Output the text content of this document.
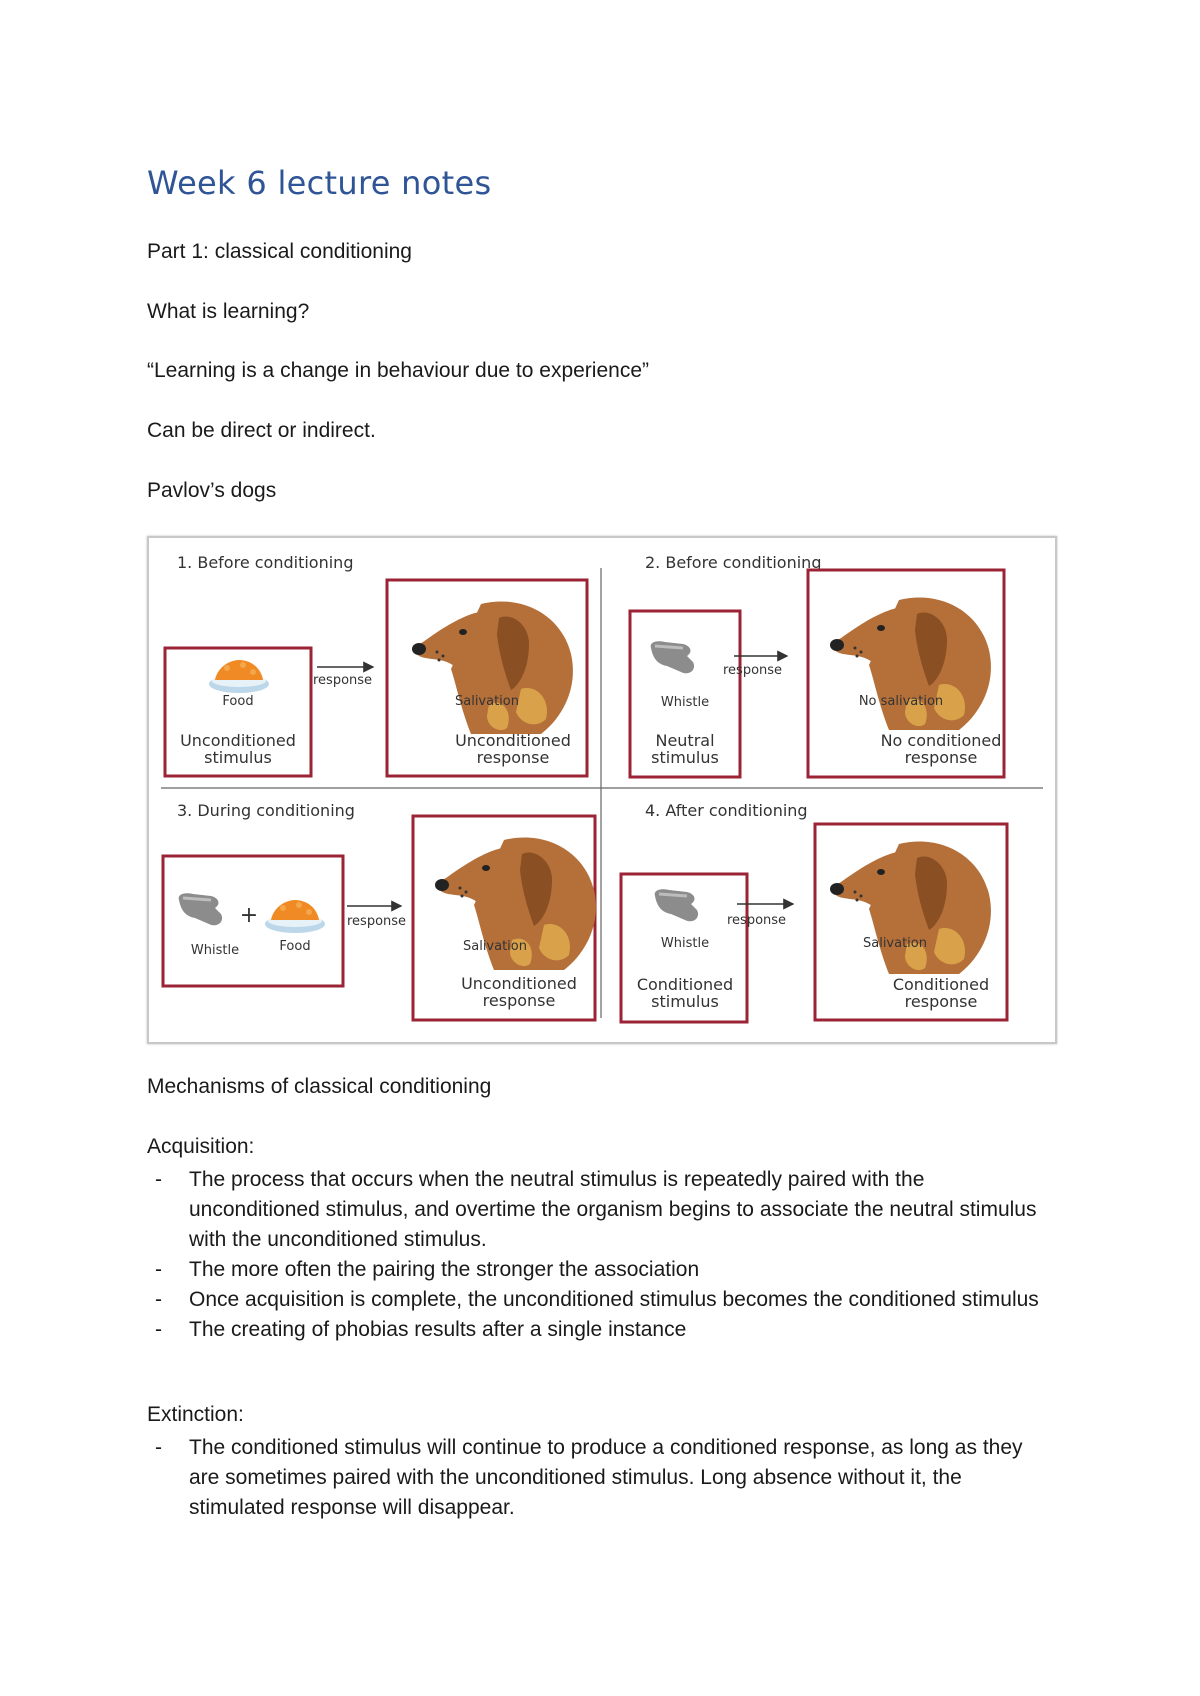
Week 6 lecture notes

Part 1: classical conditioning

What is learning?

“Learning is a change in behaviour due to experience”

Can be direct or indirect.

Pavlov’s dogs

1. Before conditioning
Food
Unconditioned
stimulus
response
Salivation
Unconditioned
response
2. Before conditioning
Whistle
Neutral
stimulus
response
No salivation
No conditioned
response
3. During conditioning
+
Whistle	Food
response
Salivation
Unconditioned
response
4. After conditioning
Whistle
Conditioned
stimulus
response
Salivation
Conditioned
response

Mechanisms of classical conditioning

Acquisition:

- The process that occurs when the neutral stimulus is repeatedly paired with the unconditioned stimulus, and overtime the organism begins to associate the neutral stimulus with the unconditioned stimulus.
- The more often the pairing the stronger the association
- Once acquisition is complete, the unconditioned stimulus becomes the conditioned stimulus
- The creating of phobias results after a single instance

Extinction:

- The conditioned stimulus will continue to produce a conditioned response, as long as they are sometimes paired with the unconditioned stimulus. Long absence without it, the stimulated response will disappear.
